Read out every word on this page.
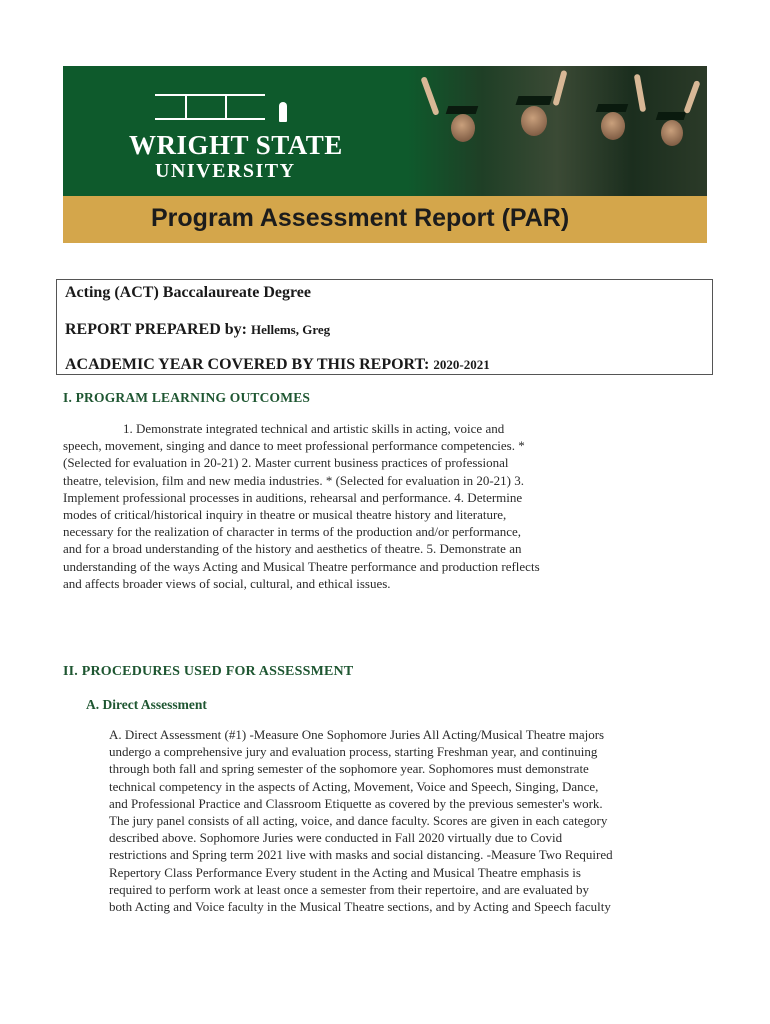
WRIGHT STATE
UNIVERSITY
Program Assessment Report (PAR)
Acting (ACT) Baccalaureate Degree
REPORT PREPARED by: Hellems, Greg
ACADEMIC YEAR COVERED BY THIS REPORT: 2020-2021
I. PROGRAM LEARNING OUTCOMES
1. Demonstrate integrated technical and artistic skills in acting, voice and speech, movement, singing and dance to meet professional performance competencies. * (Selected for evaluation in 20-21) 2. Master current business practices of professional theatre, television, film and new media industries. * (Selected for evaluation in 20-21) 3. Implement professional processes in auditions, rehearsal and performance. 4. Determine modes of critical/historical inquiry in theatre or musical theatre history and literature, necessary for the realization of character in terms of the production and/or performance, and for a broad understanding of the history and aesthetics of theatre. 5. Demonstrate an understanding of the ways Acting and Musical Theatre performance and production reflects and affects broader views of social, cultural, and ethical issues.
II. PROCEDURES USED FOR ASSESSMENT
A. Direct Assessment
A. Direct Assessment (#1) -Measure One Sophomore Juries All Acting/Musical Theatre majors undergo a comprehensive jury and evaluation process, starting Freshman year, and continuing through both fall and spring semester of the sophomore year. Sophomores must demonstrate technical competency in the aspects of Acting, Movement, Voice and Speech, Singing, Dance, and Professional Practice and Classroom Etiquette as covered by the previous semester's work. The jury panel consists of all acting, voice, and dance faculty. Scores are given in each category described above. Sophomore Juries were conducted in Fall 2020 virtually due to Covid restrictions and Spring term 2021 live with masks and social distancing. -Measure Two Required Repertory Class Performance Every student in the Acting and Musical Theatre emphasis is required to perform work at least once a semester from their repertoire, and are evaluated by both Acting and Voice faculty in the Musical Theatre sections, and by Acting and Speech faculty
